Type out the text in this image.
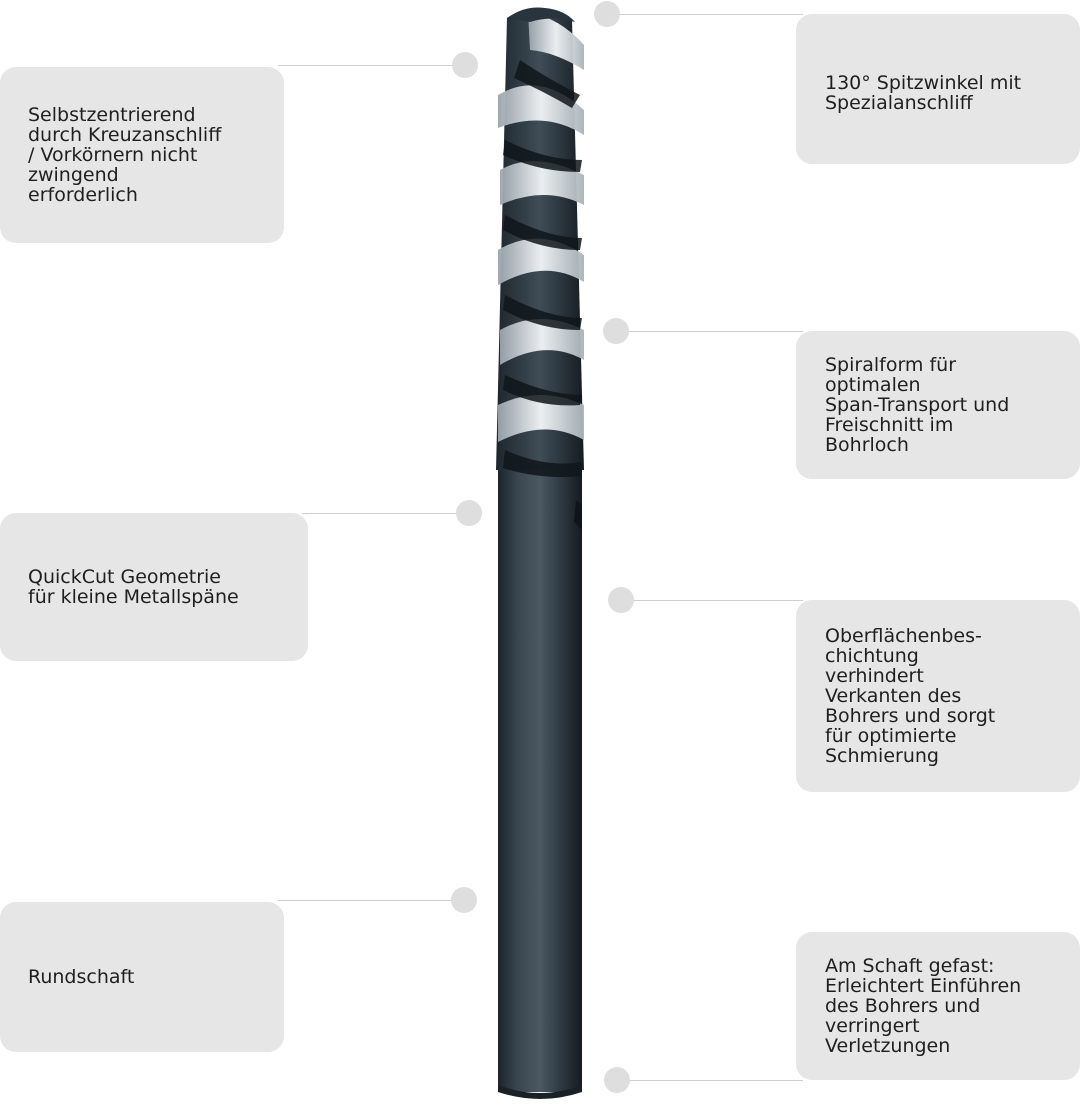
Selbstzentrierend
durch Kreuzanschliff
/ Vorkörnern nicht
zwingend
erforderlich
QuickCut Geometrie
für kleine Metallspäne
Rundschaft
130° Spitzwinkel mit
Spezialanschliff
Spiralform für
optimalen
Span-Transport und
Freischnitt im
Bohrloch
Oberflächenbes-
chichtung
verhindert
Verkanten des
Bohrers und sorgt
für optimierte
Schmierung
Am Schaft gefast:
Erleichtert Einführen
des Bohrers und
verringert
Verletzungen
